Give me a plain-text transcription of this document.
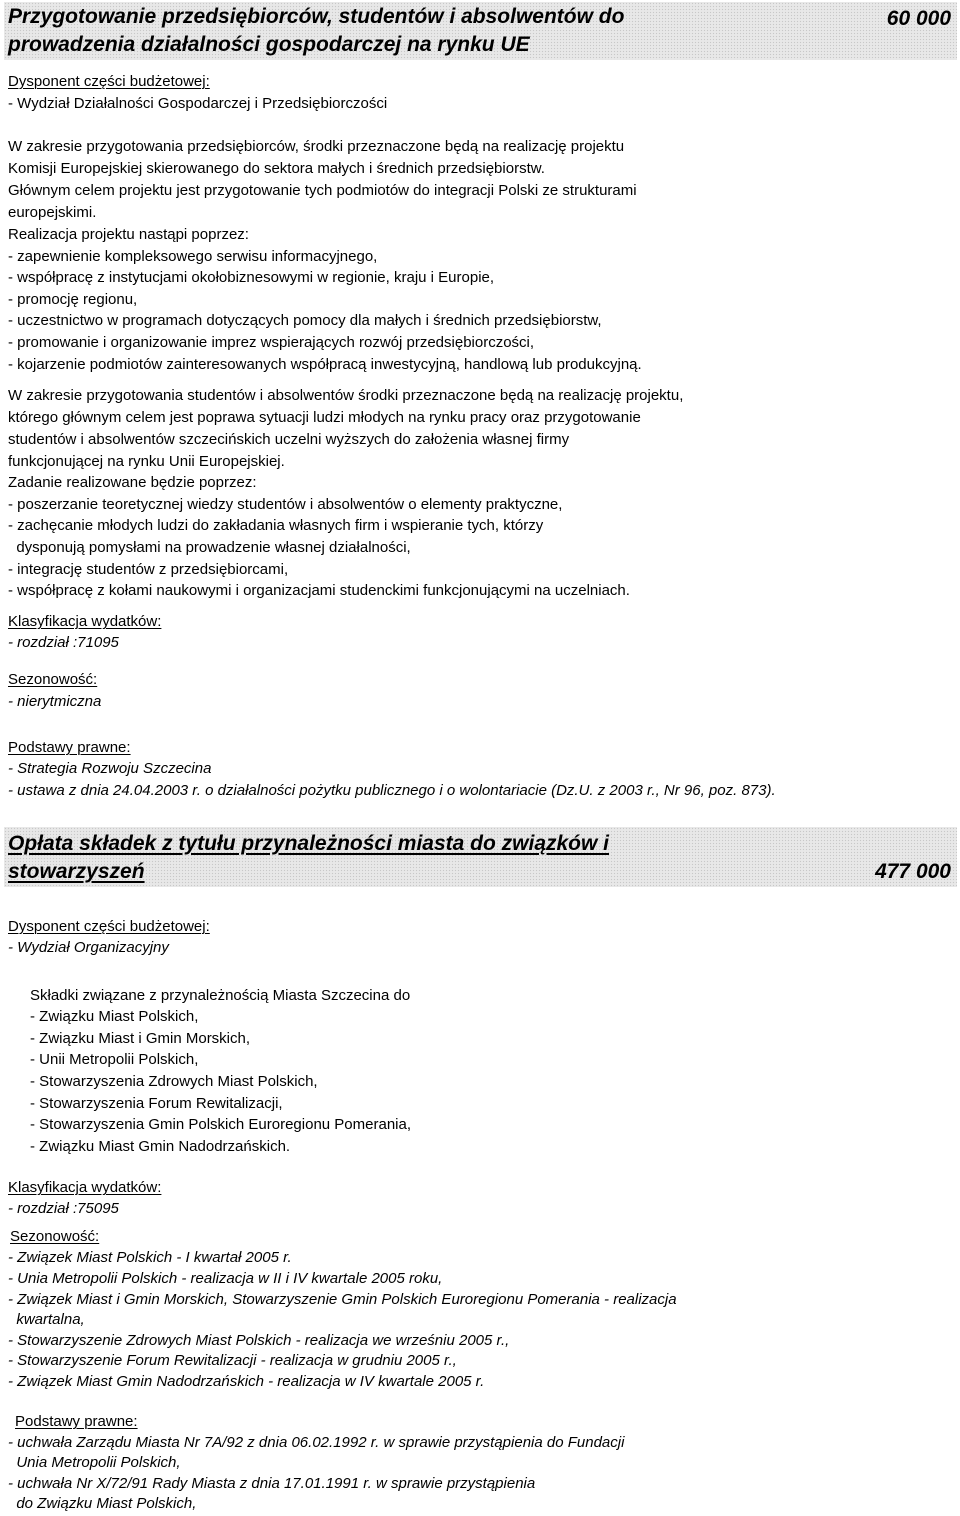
Przygotowanie przedsiębiorców, studentów i absolwentów do
prowadzenia działalności gospodarczej na rynku UE
60 000
Dysponent części budżetowej:
- Wydział Działalności Gospodarczej i Przedsiębiorczości
W zakresie przygotowania przedsiębiorców, środki przeznaczone będą na realizację projektu
Komisji Europejskiej skierowanego do sektora małych i średnich przedsiębiorstw.
Głównym celem projektu jest przygotowanie tych podmiotów do integracji Polski ze strukturami
europejskimi.
Realizacja projektu nastąpi poprzez:
- zapewnienie kompleksowego serwisu informacyjnego,
- współpracę z instytucjami okołobiznesowymi w regionie, kraju i Europie,
- promocję regionu,
- uczestnictwo w programach dotyczących pomocy dla małych i średnich przedsiębiorstw,
- promowanie i organizowanie imprez wspierających rozwój przedsiębiorczości,
- kojarzenie podmiotów zainteresowanych współpracą inwestycyjną, handlową lub produkcyjną.
W zakresie przygotowania studentów i absolwentów środki przeznaczone będą na realizację projektu,
którego głównym celem jest poprawa sytuacji ludzi młodych na rynku pracy oraz przygotowanie
studentów i absolwentów szczecińskich uczelni wyższych do założenia własnej firmy
funkcjonującej na rynku Unii Europejskiej.
Zadanie realizowane będzie poprzez:
- poszerzanie teoretycznej wiedzy studentów i absolwentów o elementy praktyczne,
- zachęcanie młodych ludzi do zakładania własnych firm i wspieranie tych, którzy
dysponują pomysłami na prowadzenie własnej działalności,
- integrację studentów z przedsiębiorcami,
- współpracę z kołami naukowymi i organizacjami studenckimi funkcjonującymi na uczelniach.
Klasyfikacja wydatków:
- rozdział :71095
Sezonowość:
- nierytmiczna
Podstawy prawne:
- Strategia Rozwoju Szczecina
- ustawa z dnia 24.04.2003 r. o działalności pożytku publicznego i o wolontariacie (Dz.U. z 2003 r., Nr 96, poz. 873).
Opłata składek z tytułu przynależności miasta do związków i
stowarzyszeń	477 000
Dysponent części budżetowej:
- Wydział Organizacyjny
Składki związane z przynależnością Miasta Szczecina do
- Związku Miast Polskich,
- Związku Miast i Gmin Morskich,
- Unii Metropolii Polskich,
- Stowarzyszenia Zdrowych Miast Polskich,
- Stowarzyszenia Forum Rewitalizacji,
- Stowarzyszenia Gmin Polskich Euroregionu Pomerania,
- Związku Miast Gmin Nadodrzańskich.
Klasyfikacja wydatków:
- rozdział :75095
Sezonowość:
- Związek Miast Polskich - I kwartał 2005 r.
- Unia Metropolii Polskich - realizacja w II i IV kwartale 2005 roku,
- Związek Miast i Gmin Morskich, Stowarzyszenie Gmin Polskich Euroregionu Pomerania - realizacja
kwartalna,
- Stowarzyszenie Zdrowych Miast Polskich - realizacja we wrześniu 2005 r.,
- Stowarzyszenie Forum Rewitalizacji - realizacja w grudniu 2005 r.,
- Związek Miast Gmin Nadodrzańskich - realizacja w IV kwartale 2005 r.
Podstawy prawne:
- uchwała Zarządu Miasta Nr 7A/92 z dnia 06.02.1992 r. w sprawie przystąpienia do Fundacji
Unia Metropolii Polskich,
- uchwała Nr X/72/91 Rady Miasta z dnia 17.01.1991 r. w sprawie przystąpienia
do Związku Miast Polskich,
